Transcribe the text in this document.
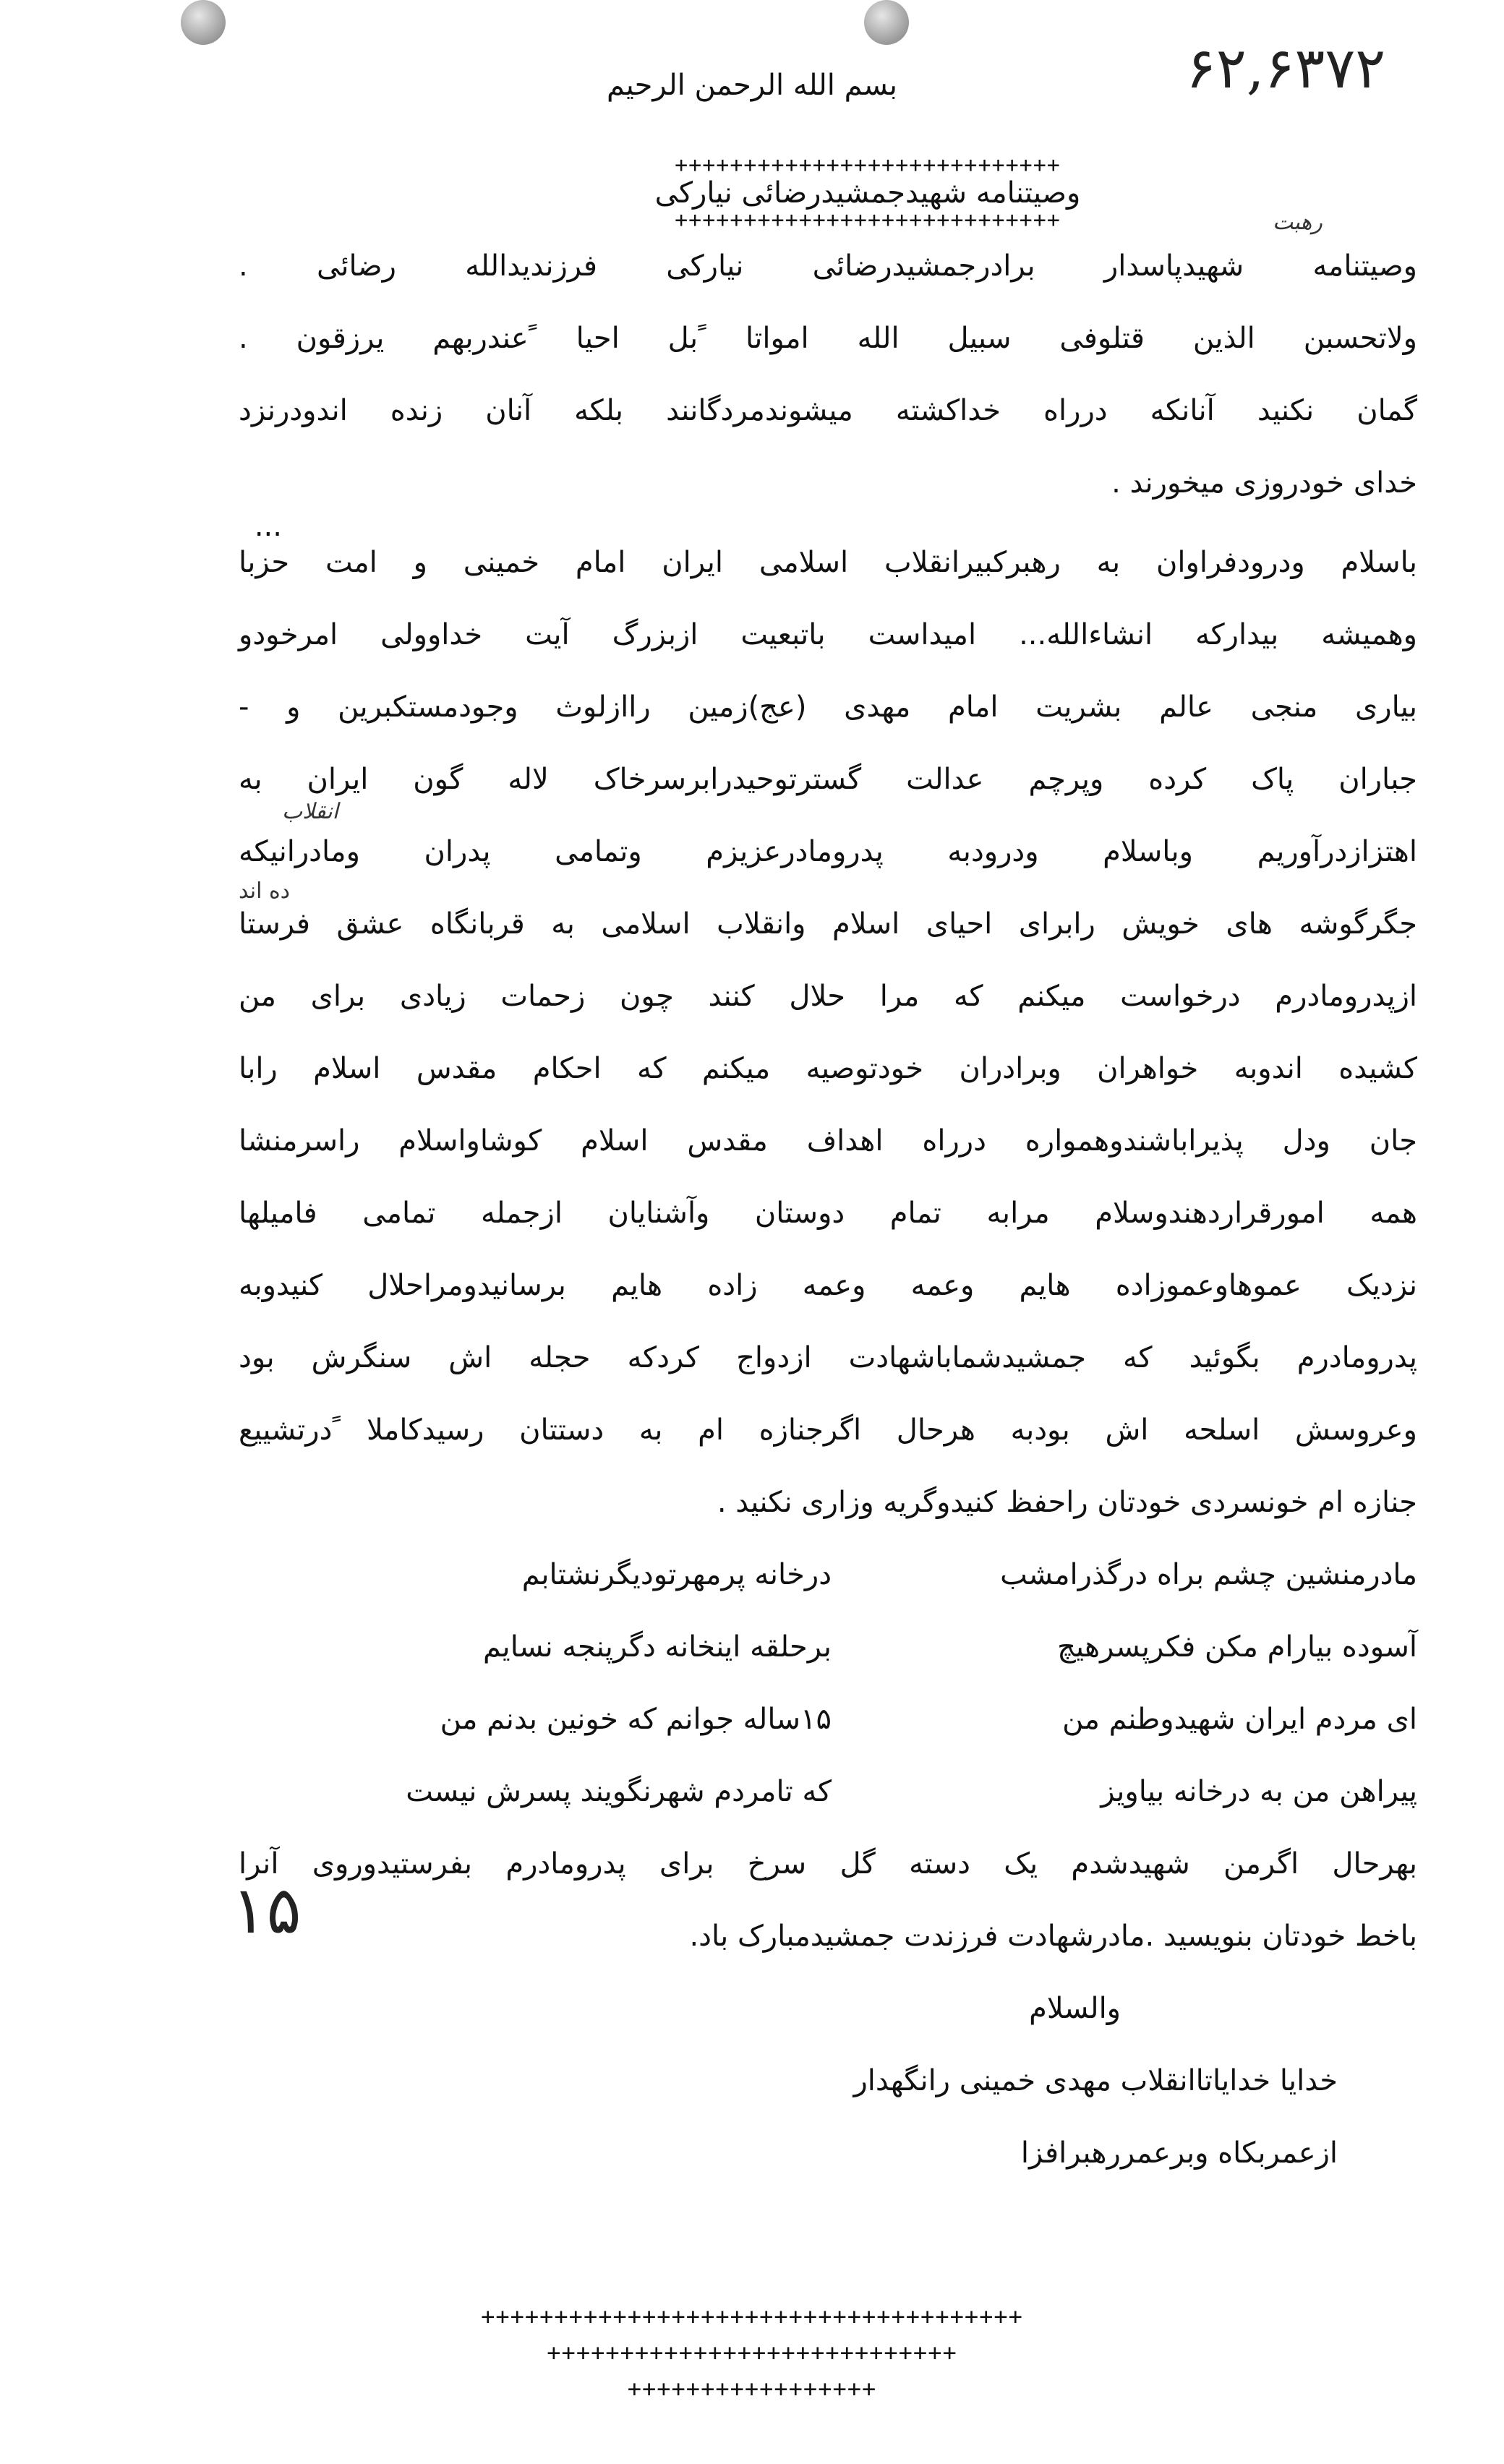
۶۲,۶۳۷۲
بسم الله الرحمن الرحيم
++++++++++++++++++++++++++++
وصیتنامه شهیدجمشیدرضائی نیارکی
++++++++++++++++++++++++++++	رهبت
وصیتنامه شهیدپاسدار برادرجمشیدرضائی نیارکی فرزندیدالله رضائی .
ولاتحسبن الذین قتلوفی سبیل الله امواتا ًبل احیا ًعندربهم یرزقون .
گمان نکنید آنانکه درراه خداکشته میشوندمردگانند بلکه آنان زنده اندودرنزد
خدای خودروزی میخورند .
...
باسلام ودرودفراوان به رهبرکبیرانقلاب اسلامی ایران امام خمینی و امت حزبا
وهمیشه بیدارکه انشاءالله... امیداست باتبعیت ازبزرگ آیت خداوولی امرخودو
بیاری منجی عالم بشریت امام مهدی (عج)زمین راازلوث وجودمستکبرین و -
جباران پاک کرده وپرچم عدالت گسترتوحیدرابرسرخاک لاله گون ایران به
انقلاب
اهتزازدرآوریم وباسلام ودرودبه پدرومادرعزیزم وتمامی پدران ومادرانیکه
ده اند
جگرگوشه های خویش رابرای احیای اسلام وانقلاب اسلامی به قربانگاه عشق فرستا
ازپدرومادرم درخواست میکنم که مرا حلال کنند چون زحمات زیادی برای من
کشیده اندوبه خواهران وبرادران خودتوصیه میکنم که احکام مقدس اسلام رابا
جان ودل پذیراباشندوهمواره درراه اهداف مقدس اسلام کوشاواسلام راسرمنشا
همه امورقراردهندوسلام مرابه تمام دوستان وآشنایان ازجمله تمامی فامیلها
نزدیک عموهاوعموزاده هایم وعمه وعمه زاده هایم برسانیدومراحلال کنیدوبه
پدرومادرم بگوئید که جمشیدشماباشهادت ازدواج کردکه حجله اش سنگرش بود
وعروسش اسلحه اش بودبه هرحال اگرجنازه ام به دستتان رسیدکاملا ًدرتشییع
جنازه ام خونسردی خودتان راحفظ کنیدوگریه وزاری نکنید .
مادرمنشین چشم براه درگذرامشب
درخانه پرمهرتودیگرنشتابم
آسوده بیارام مکن فکرپسرهیچ
برحلقه اینخانه دگرپنجه نسایم
ای مردم ایران شهیدوطنم من
۱۵ساله جوانم که خونین بدنم من
پیراهن من به درخانه بیاویز
که تامردم شهرنگویند پسرش نیست
بهرحال اگرمن شهیدشدم یک دسته گل سرخ برای پدرومادرم بفرستیدوروی آنرا
۱۵	باخط خودتان بنویسید .مادرشهادت فرزندت جمشیدمبارک باد.
والسلام
خدایا خدایاتاانقلاب مهدی خمینی رانگهدار
ازعمربکاه وبرعمررهبرافزا
+++++++++++++++++++++++++++++++++++++
++++++++++++++++++++++++++++
+++++++++++++++++
